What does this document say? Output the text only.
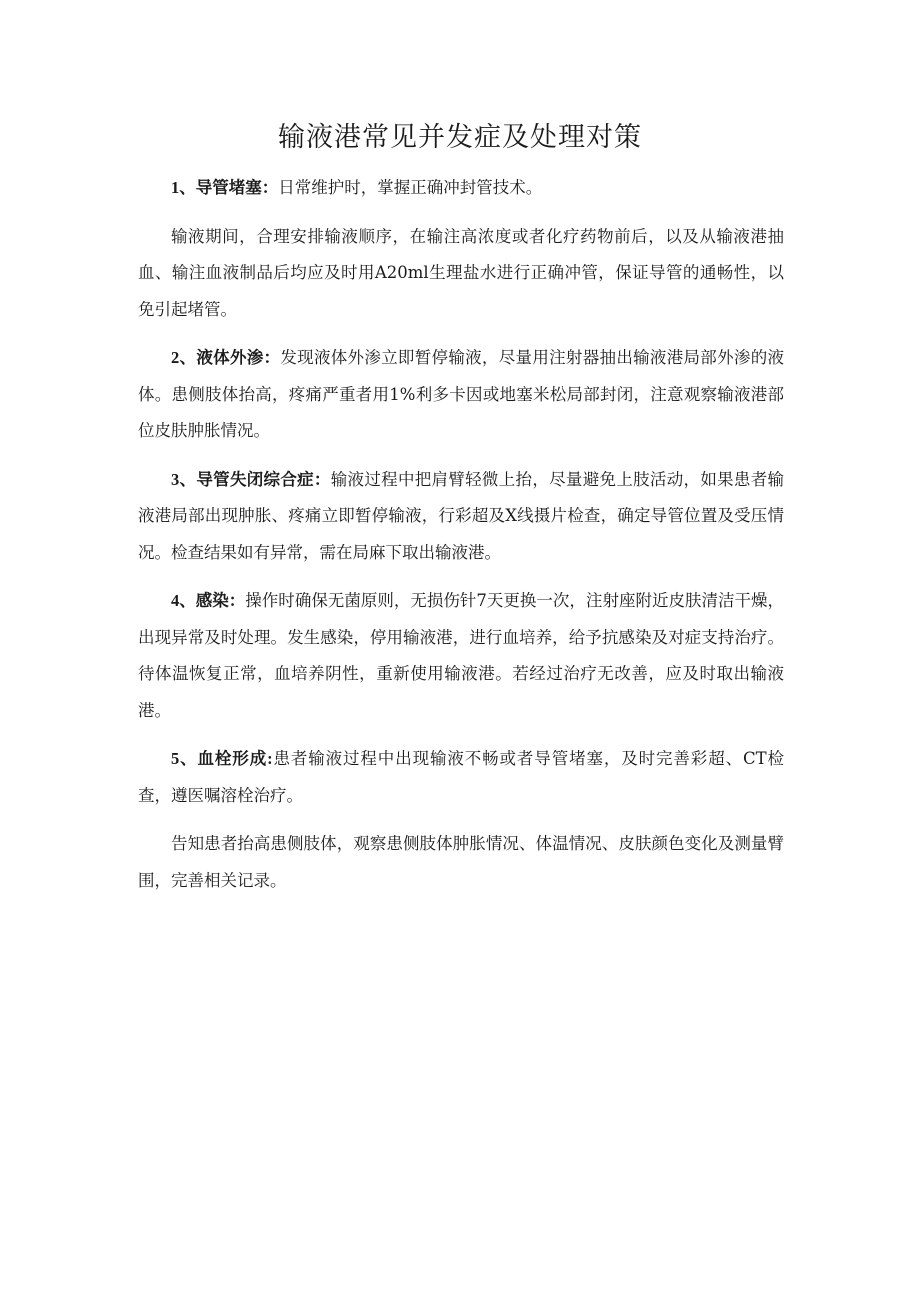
输液港常见并发症及处理对策

1、导管堵塞：日常维护时，掌握正确冲封管技术。

输液期间，合理安排输液顺序，在输注高浓度或者化疗药物前后，以及从输液港抽血、输注血液制品后均应及时用A20ml生理盐水进行正确冲管，保证导管的通畅性，以免引起堵管。

2、液体外渗：发现液体外渗立即暂停输液，尽量用注射器抽出输液港局部外渗的液体。患侧肢体抬高，疼痛严重者用1%利多卡因或地塞米松局部封闭，注意观察输液港部位皮肤肿胀情况。

3、导管失闭综合症：输液过程中把肩臂轻微上抬，尽量避免上肢活动，如果患者输液港局部出现肿胀、疼痛立即暂停输液，行彩超及X线摄片检查，确定导管位置及受压情况。检查结果如有异常，需在局麻下取出输液港。

4、感染：操作时确保无菌原则，无损伤针7天更换一次，注射座附近皮肤清洁干燥，出现异常及时处理。发生感染，停用输液港，进行血培养，给予抗感染及对症支持治疗。待体温恢复正常，血培养阴性，重新使用输液港。若经过治疗无改善，应及时取出输液港。

5、血栓形成:患者输液过程中出现输液不畅或者导管堵塞，及时完善彩超、CT检查，遵医嘱溶栓治疗。

告知患者抬高患侧肢体，观察患侧肢体肿胀情况、体温情况、皮肤颜色变化及测量臂围，完善相关记录。
